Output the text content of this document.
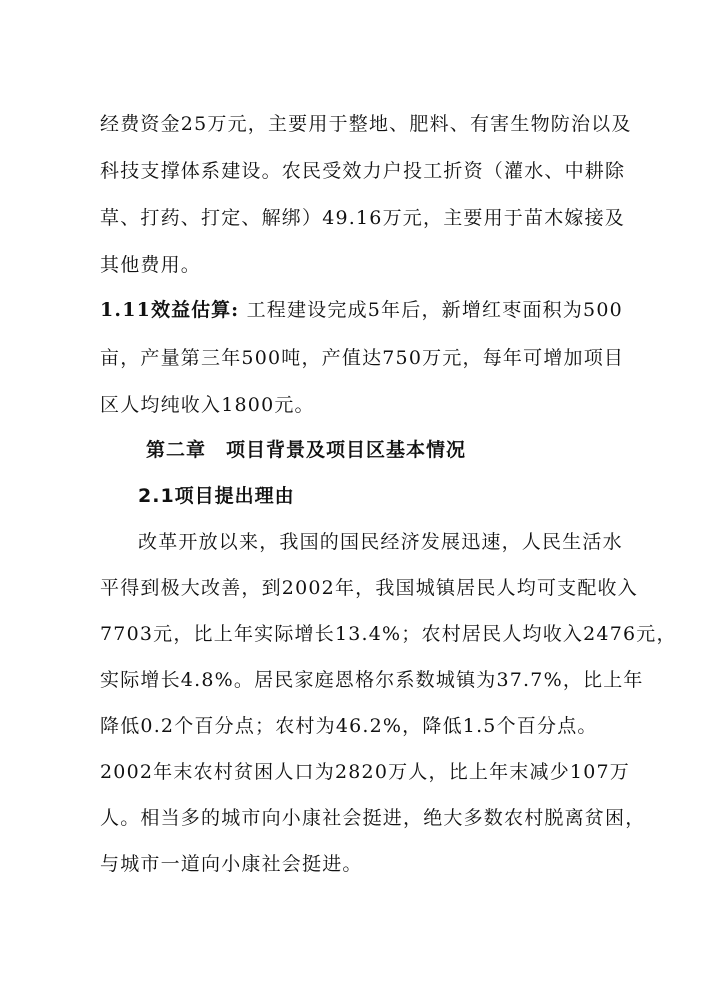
经费资金25万元，主要用于整地、肥料、有害生物防治以及
科技支撑体系建设。农民受效力户投工折资（灌水、中耕除
草、打药、打定、解绑）49.16万元，主要用于苗木嫁接及
其他费用。
1.11效益估算: 工程建设完成5年后，新增红枣面积为500
亩，产量第三年500吨，产值达750万元，每年可增加项目
区人均纯收入1800元。
第二章　项目背景及项目区基本情况
2.1项目提出理由
改革开放以来，我国的国民经济发展迅速，人民生活水
平得到极大改善，到2002年，我国城镇居民人均可支配收入
7703元，比上年实际增长13.4%；农村居民人均收入2476元，
实际增长4.8%。居民家庭恩格尔系数城镇为37.7%，比上年
降低0.2个百分点；农村为46.2%，降低1.5个百分点。
2002年末农村贫困人口为2820万人，比上年末减少107万
人。相当多的城市向小康社会挺进，绝大多数农村脱离贫困，
与城市一道向小康社会挺进。
